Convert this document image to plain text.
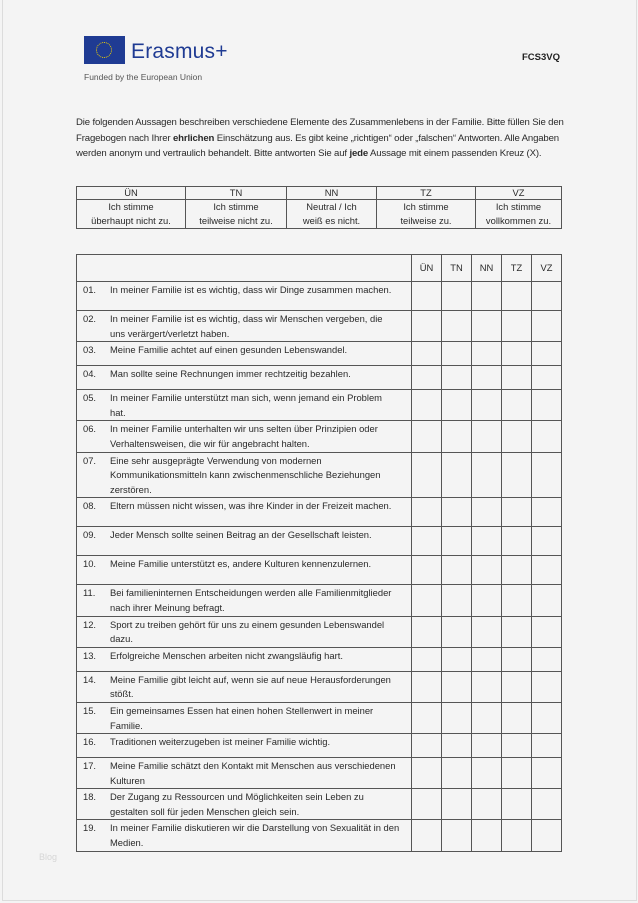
Erasmus+
Funded by the European Union
FCS3VQ
Die folgenden Aussagen beschreiben verschiedene Elemente des Zusammenlebens in der Familie. Bitte füllen Sie den Fragebogen nach Ihrer ehrlichen Einschätzung aus. Es gibt keine „richtigen“ oder „falschen“ Antworten. Alle Angaben werden anonym und vertraulich behandelt. Bitte antworten Sie auf jede Aussage mit einem passenden Kreuz (X).
ÜN	TN	NN	TZ	VZ
Ich stimme
überhaupt nicht zu.	Ich stimme
teilweise nicht zu.	Neutral / Ich
weiß es nicht.	Ich stimme
teilweise zu.	Ich stimme
vollkommen zu.
	ÜN	TN	NN	TZ	VZ
01. In meiner Familie ist es wichtig, dass wir Dinge zusammen machen.					
02. In meiner Familie ist es wichtig, dass wir Menschen vergeben, die uns verärgert/verletzt haben.					
03. Meine Familie achtet auf einen gesunden Lebenswandel.					
04. Man sollte seine Rechnungen immer rechtzeitig bezahlen.					
05. In meiner Familie unterstützt man sich, wenn jemand ein Problem hat.					
06. In meiner Familie unterhalten wir uns selten über Prinzipien oder Verhaltensweisen, die wir für angebracht halten.					
07. Eine sehr ausgeprägte Verwendung von modernen Kommunikationsmitteln kann zwischenmenschliche Beziehungen zerstören.					
08. Eltern müssen nicht wissen, was ihre Kinder in der Freizeit machen.					
09. Jeder Mensch sollte seinen Beitrag an der Gesellschaft leisten.					
10. Meine Familie unterstützt es, andere Kulturen kennenzulernen.					
11. Bei familieninternen Entscheidungen werden alle Familienmitglieder nach ihrer Meinung befragt.					
12. Sport zu treiben gehört für uns zu einem gesunden Lebenswandel dazu.					
13. Erfolgreiche Menschen arbeiten nicht zwangsläufig hart.					
14. Meine Familie gibt leicht auf, wenn sie auf neue Herausforderungen stößt.					
15. Ein gemeinsames Essen hat einen hohen Stellenwert in meiner Familie.					
16. Traditionen weiterzugeben ist meiner Familie wichtig.					
17. Meine Familie schätzt den Kontakt mit Menschen aus verschiedenen Kulturen					
18. Der Zugang zu Ressourcen und Möglichkeiten sein Leben zu gestalten soll für jeden Menschen gleich sein.					
19. In meiner Familie diskutieren wir die Darstellung von Sexualität in den Medien.					
Blog
